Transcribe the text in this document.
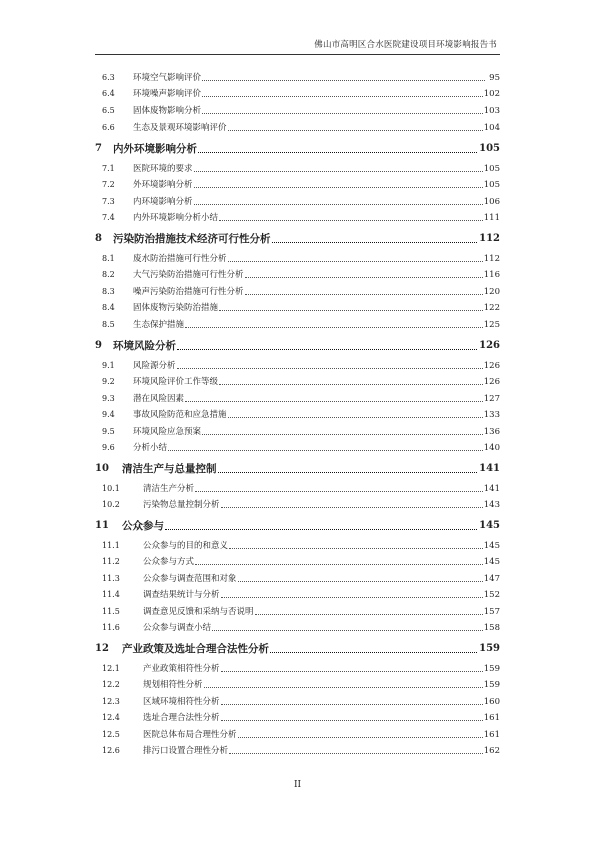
佛山市高明区合水医院建设项目环境影响报告书
6.3 环境空气影响评价	95
6.4 环境噪声影响评价	102
6.5 固体废物影响分析	103
6.6 生态及景观环境影响评价	104
7 内外环境影响分析	105
7.1 医院环境的要求	105
7.2 外环境影响分析	105
7.3 内环境影响分析	106
7.4 内外环境影响分析小结	111
8 污染防治措施技术经济可行性分析	112
8.1 废水防治措施可行性分析	112
8.2 大气污染防治措施可行性分析	116
8.3 噪声污染防治措施可行性分析	120
8.4 固体废物污染防治措施	122
8.5 生态保护措施	125
9 环境风险分析	126
9.1 风险源分析	126
9.2 环境风险评价工作等级	126
9.3 潜在风险因素	127
9.4 事故风险防范和应急措施	133
9.5 环境风险应急预案	136
9.6 分析小结	140
10 清洁生产与总量控制	141
10.1	清洁生产分析	141
10.2	污染物总量控制分析	143
11 公众参与	145
11.1	公众参与的目的和意义	145
11.2	公众参与方式	145
11.3	公众参与调查范围和对象	147
11.4	调查结果统计与分析	152
11.5	调查意见反馈和采纳与否说明	157
11.6	公众参与调查小结	158
12 产业政策及选址合理合法性分析	159
12.1	产业政策相符性分析	159
12.2	规划相符性分析	159
12.3	区域环境相符性分析	160
12.4	选址合理合法性分析	161
12.5	医院总体布局合理性分析	161
12.6	排污口设置合理性分析	162
II
